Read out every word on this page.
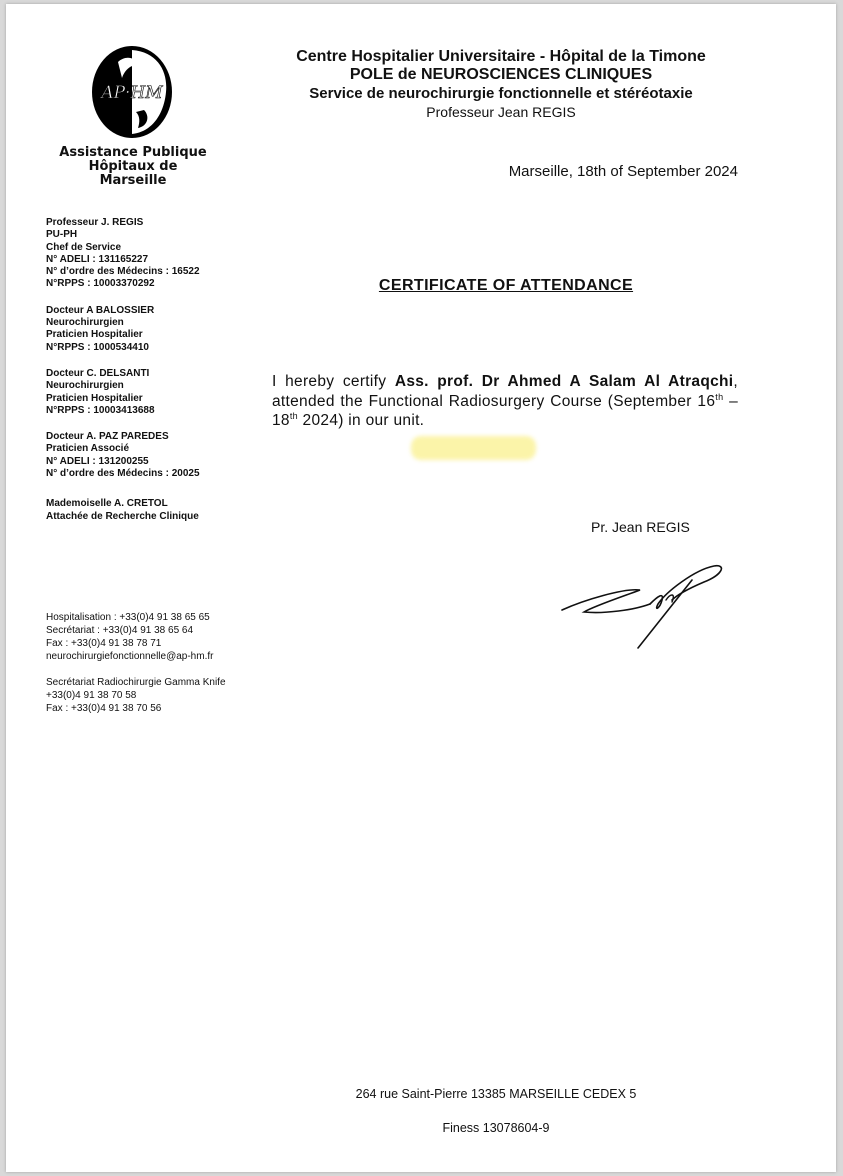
AP·HM
Assistance Publique
Hôpitaux de Marseille
Centre Hospitalier Universitaire - Hôpital de la Timone
POLE de NEUROSCIENCES CLINIQUES
Service de neurochirurgie fonctionnelle et stéréotaxie
Professeur Jean REGIS
Marseille, 18th of September 2024
Professeur J. REGIS
PU-PH
Chef de Service
N° ADELI : 131165227
N° d’ordre des Médecins : 16522
N°RPPS : 10003370292
Docteur A BALOSSIER
Neurochirurgien
Praticien Hospitalier
N°RPPS : 1000534410
Docteur C. DELSANTI
Neurochirurgien
Praticien Hospitalier
N°RPPS : 10003413688
Docteur A. PAZ PAREDES
Praticien Associé
N° ADELI : 131200255
N° d’ordre des Médecins : 20025
Mademoiselle A. CRETOL
Attachée de Recherche Clinique
Hospitalisation : +33(0)4 91 38 65 65
Secrétariat : +33(0)4 91 38 65 64
Fax : +33(0)4 91 38 78 71
neurochirurgiefonctionnelle@ap-hm.fr
Secrétariat Radiochirurgie Gamma Knife
+33(0)4 91 38 70 58
Fax : +33(0)4 91 38 70 56
CERTIFICATE OF ATTENDANCE
I hereby certify Ass. prof. Dr Ahmed A Salam Al Atraqchi, attended the Functional Radiosurgery Course (September 16th – 18th 2024) in our unit.
Pr. Jean REGIS
264 rue Saint-Pierre 13385 MARSEILLE CEDEX 5
Finess 13078604-9
